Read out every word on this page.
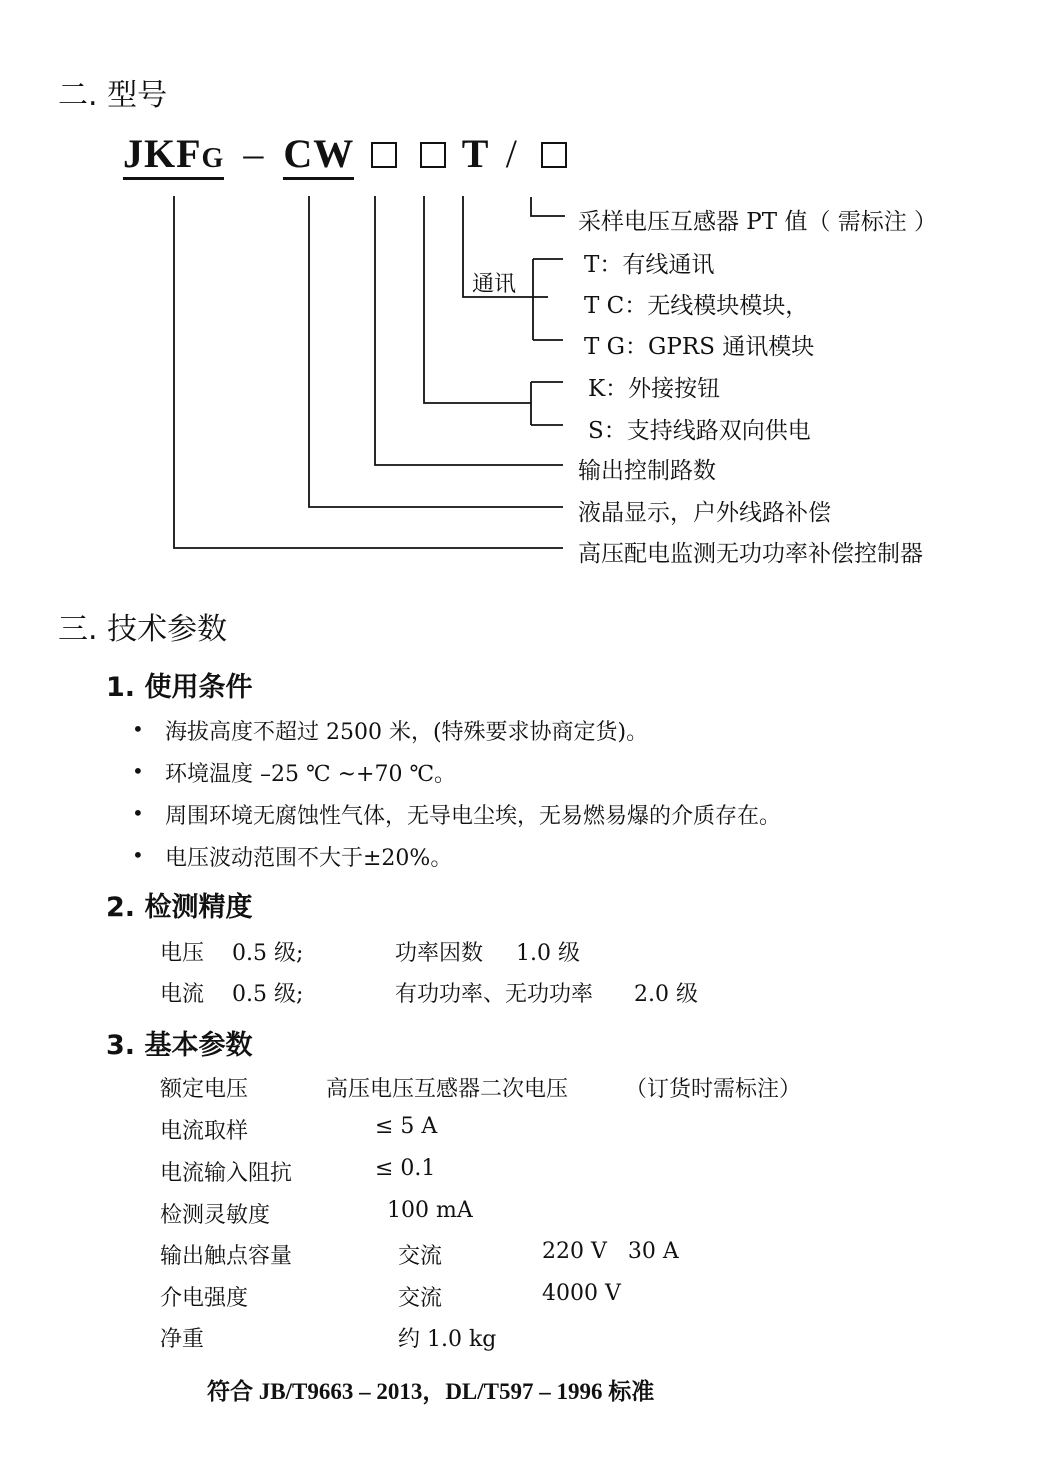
二. 型号
JKFG – CW	T /
通讯
采样电压互感器 PT 值（ 需标注 ）
T：有线通讯
T C：无线模块模块，
T G：GPRS 通讯模块
K：外接按钮
S：支持线路双向供电
输出控制路数
液晶显示，户外线路补偿
高压配电监测无功功率补偿控制器
三. 技术参数
1. 使用条件
• 海拔高度不超过 2500 米，(特殊要求协商定货)。
• 环境温度 –25 ℃ ~+70 ℃。
• 周围环境无腐蚀性气体，无导电尘埃，无易燃易爆的介质存在。
• 电压波动范围不大于±20%。
2. 检测精度
电压 0.5 级;	功率因数 1.0 级
电流 0.5 级;	有功功率、无功功率 2.0 级
3. 基本参数
额定电压	高压电压互感器二次电压	（订货时需标注）
电流取样	≤ 5 A
电流输入阻抗	≤ 0.1
检测灵敏度	100 mA
输出触点容量	交流	220 V   30 A
介电强度	交流	4000 V
净重	约 1.0 kg
符合 JB/T9663 – 2013，DL/T597 – 1996 标准
